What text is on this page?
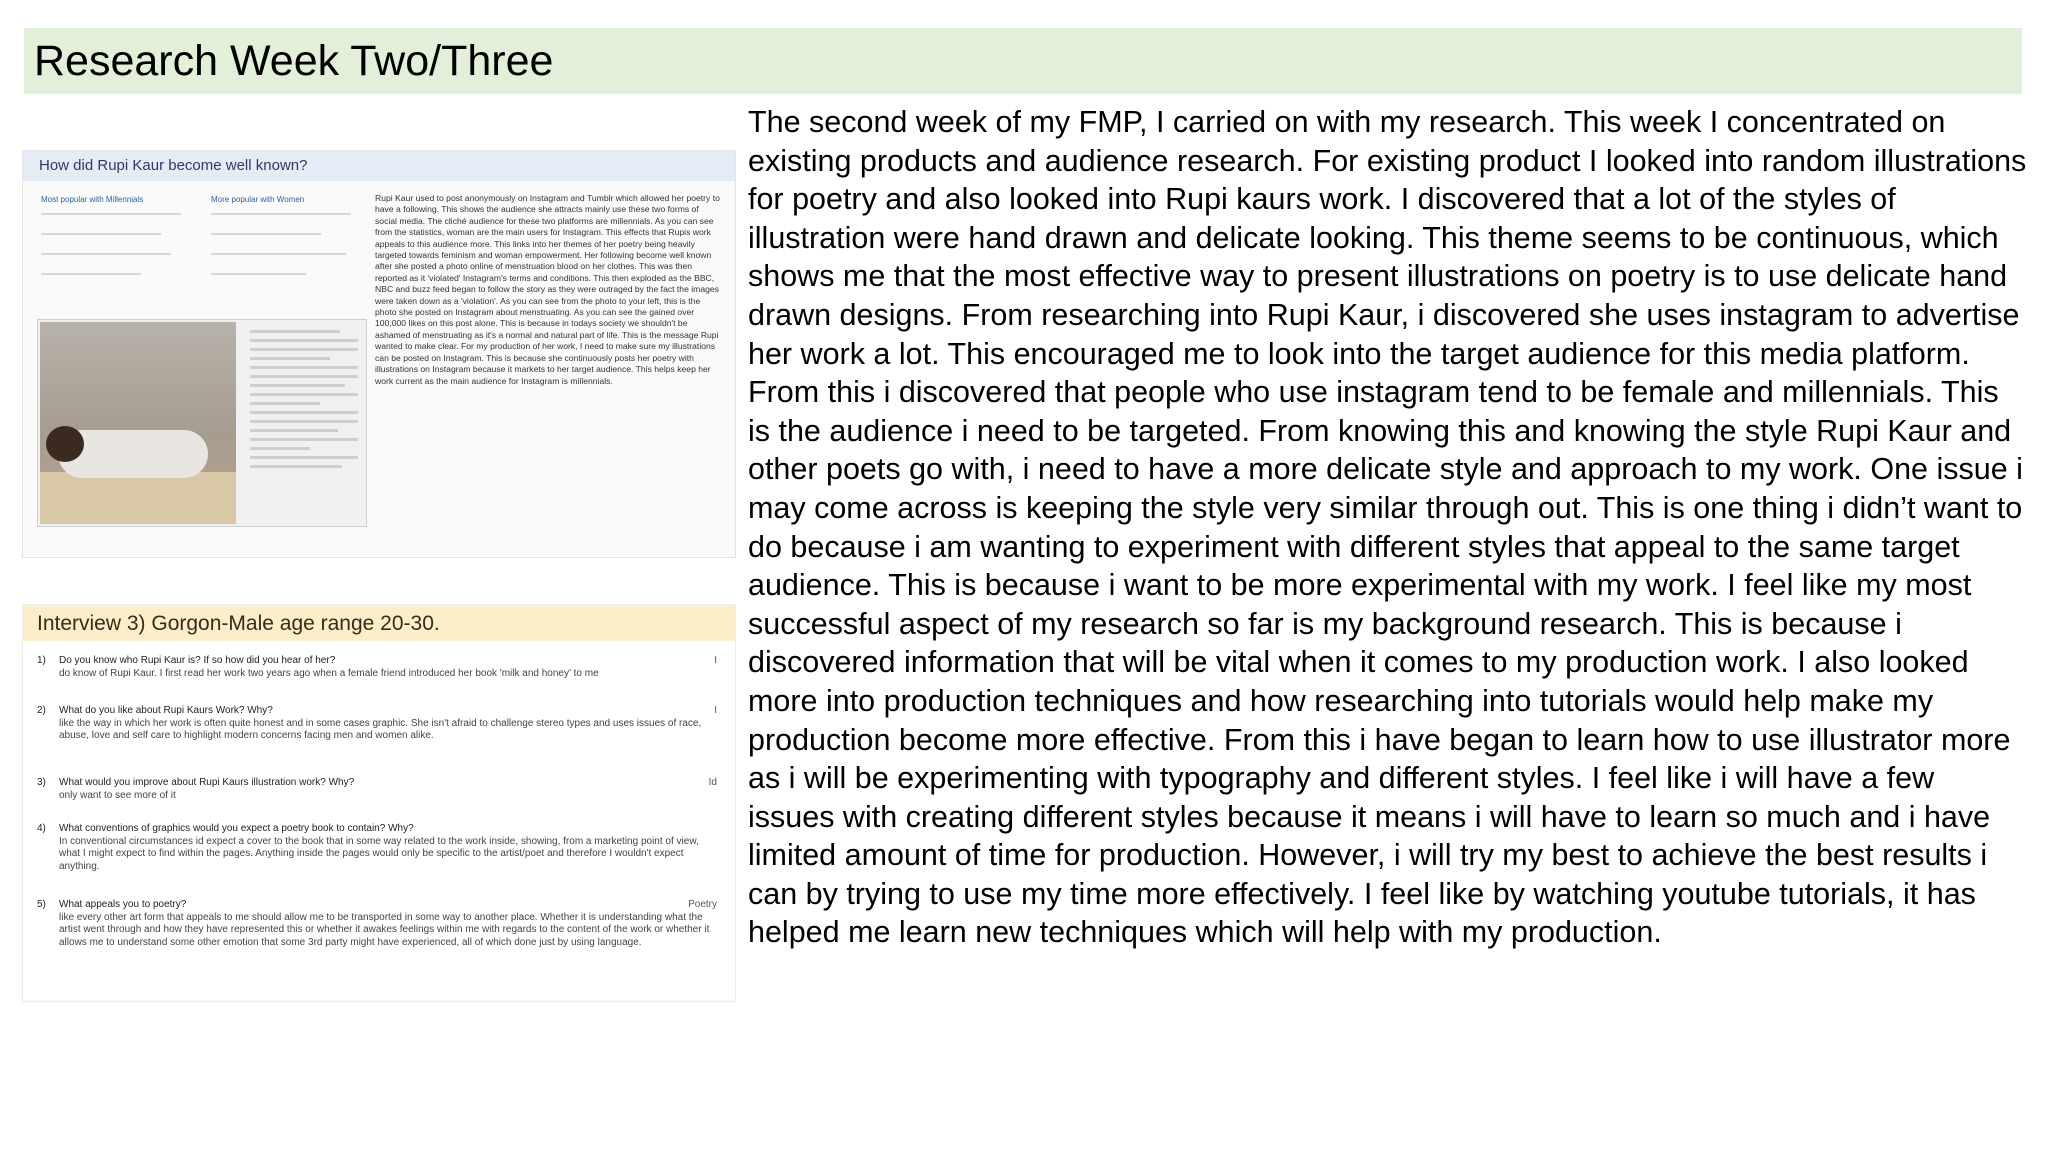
Research Week Two/Three
How did Rupi Kaur become well known?
Most popular with Millennials	More popular with Women	Rupi Kaur used to post anonymously on Instagram and Tumblr which allowed her poetry to have a following. This shows the audience she attracts mainly use these two forms of social media. The cliché audience for these two platforms are millennials. As you can see from the statistics, woman are the main users for Instagram. This effects that Rupis work appeals to this audience more. This links into her themes of her poetry being heavily targeted towards feminism and woman empowerment. Her following become well known after she posted a photo online of menstruation blood on her clothes. This was then reported as it 'violated' Instagram's terms and conditions. This then exploded as the BBC, NBC and buzz feed began to follow the story as they were outraged by the fact the images were taken down as a 'violation'. As you can see from the photo to your left, this is the photo she posted on Instagram about menstruating. As you can see the gained over 100,000 likes on this post alone. This is because in todays society we shouldn't be ashamed of menstruating as it's a normal and natural part of life. This is the message Rupi wanted to make clear. For my production of her work, I need to make sure my illustrations can be posted on Instagram. This is because she continuously posts her poetry with illustrations on Instagram because it markets to her target audience. This helps keep her work current as the main audience for Instagram is millennials.

Interview 3) Gorgon-Male age range 20-30.
1) Do you know who Rupi Kaur is? If so how did you hear of her?
do know of Rupi Kaur. I first read her work two years ago when a female friend introduced her book 'milk and honey' to me
I
2) What do you like about Rupi Kaurs Work? Why?
like the way in which her work is often quite honest and in some cases graphic. She isn't afraid to challenge stereo types and uses issues of race, abuse, love and self care to highlight modern concerns facing men and women alike.
I
3) What would you improve about Rupi Kaurs illustration work? Why?
only want to see more of it
Id
4) What conventions of graphics would you expect a poetry book to contain? Why?
In conventional circumstances id expect a cover to the book that in some way related to the work inside, showing, from a marketing point of view, what I might expect to find within the pages. Anything inside the pages would only be specific to the artist/poet and therefore I wouldn't expect anything.
5) What appeals you to poetry?
like every other art form that appeals to me should allow me to be transported in some way to another place. Whether it is understanding what the artist went through and how they have represented this or whether it awakes feelings within me with regards to the content of the work or whether it allows me to understand some other emotion that some 3rd party might have experienced, all of which done just by using language.
Poetry

The second week of my FMP, I carried on with my research. This week I concentrated on existing products and audience research. For existing product I looked into random illustrations for poetry and also looked into Rupi kaurs work. I discovered that a lot of the styles of illustration were hand drawn and delicate looking. This theme seems to be continuous, which shows me that the most effective way to present illustrations on poetry is to use delicate hand drawn designs. From researching into Rupi Kaur, i discovered she uses instagram to advertise her work a lot. This encouraged me to look into the target audience for this media platform. From this i discovered that people who use instagram tend to be female and millennials. This is the audience i need to be targeted. From knowing this and knowing the style Rupi Kaur and other poets go with, i need to have a more delicate style and approach to my work. One issue i may come across is keeping the style very similar through out. This is one thing i didn’t want to do because i am wanting to experiment with different styles that appeal to the same target audience. This is because i want to be more experimental with my work. I feel like my most successful aspect of my research so far is my background research. This is because i discovered information that will be vital when it comes to my production work. I also looked more into production techniques and how researching into tutorials would help make my production become more effective. From this i have began to learn how to use illustrator more as i will be experimenting with typography and different styles. I feel like i will have a few issues with creating different styles because it means i will have to learn so much and i have limited amount of time for production. However, i will try my best to achieve the best results i can by trying to use my time more effectively. I feel like by watching youtube tutorials, it has helped me learn new techniques which will help with my production.
